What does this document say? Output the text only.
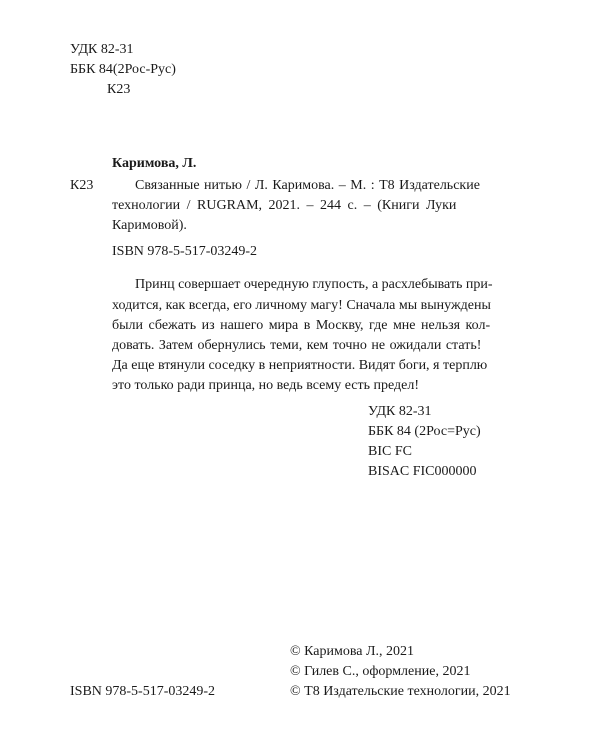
УДК 82-31
ББК 84(2Рос-Рус)
К23
Каримова, Л.
К23	Связанные нитью / Л. Каримова. – М. : Т8 Издательские
технологии / RUGRAM, 2021. – 244 с. – (Книги Луки
Каримовой).
ISBN 978-5-517-03249-2
Принц совершает очередную глупость, а расхлебывать при-
ходится, как всегда, его личному магу! Сначала мы вынуждены
были сбежать из нашего мира в Москву, где мне нельзя кол-
довать. Затем обернулись теми, кем точно не ожидали стать!
Да еще втянули соседку в неприятности. Видят боги, я терплю
это только ради принца, но ведь всему есть предел!
УДК 82-31
ББК 84 (2Рос=Рус)
BIC FC
BISAC FIC000000
ISBN 978-5-517-03249-2
© Каримова Л., 2021
© Гилев С., оформление, 2021
© Т8 Издательские технологии, 2021
